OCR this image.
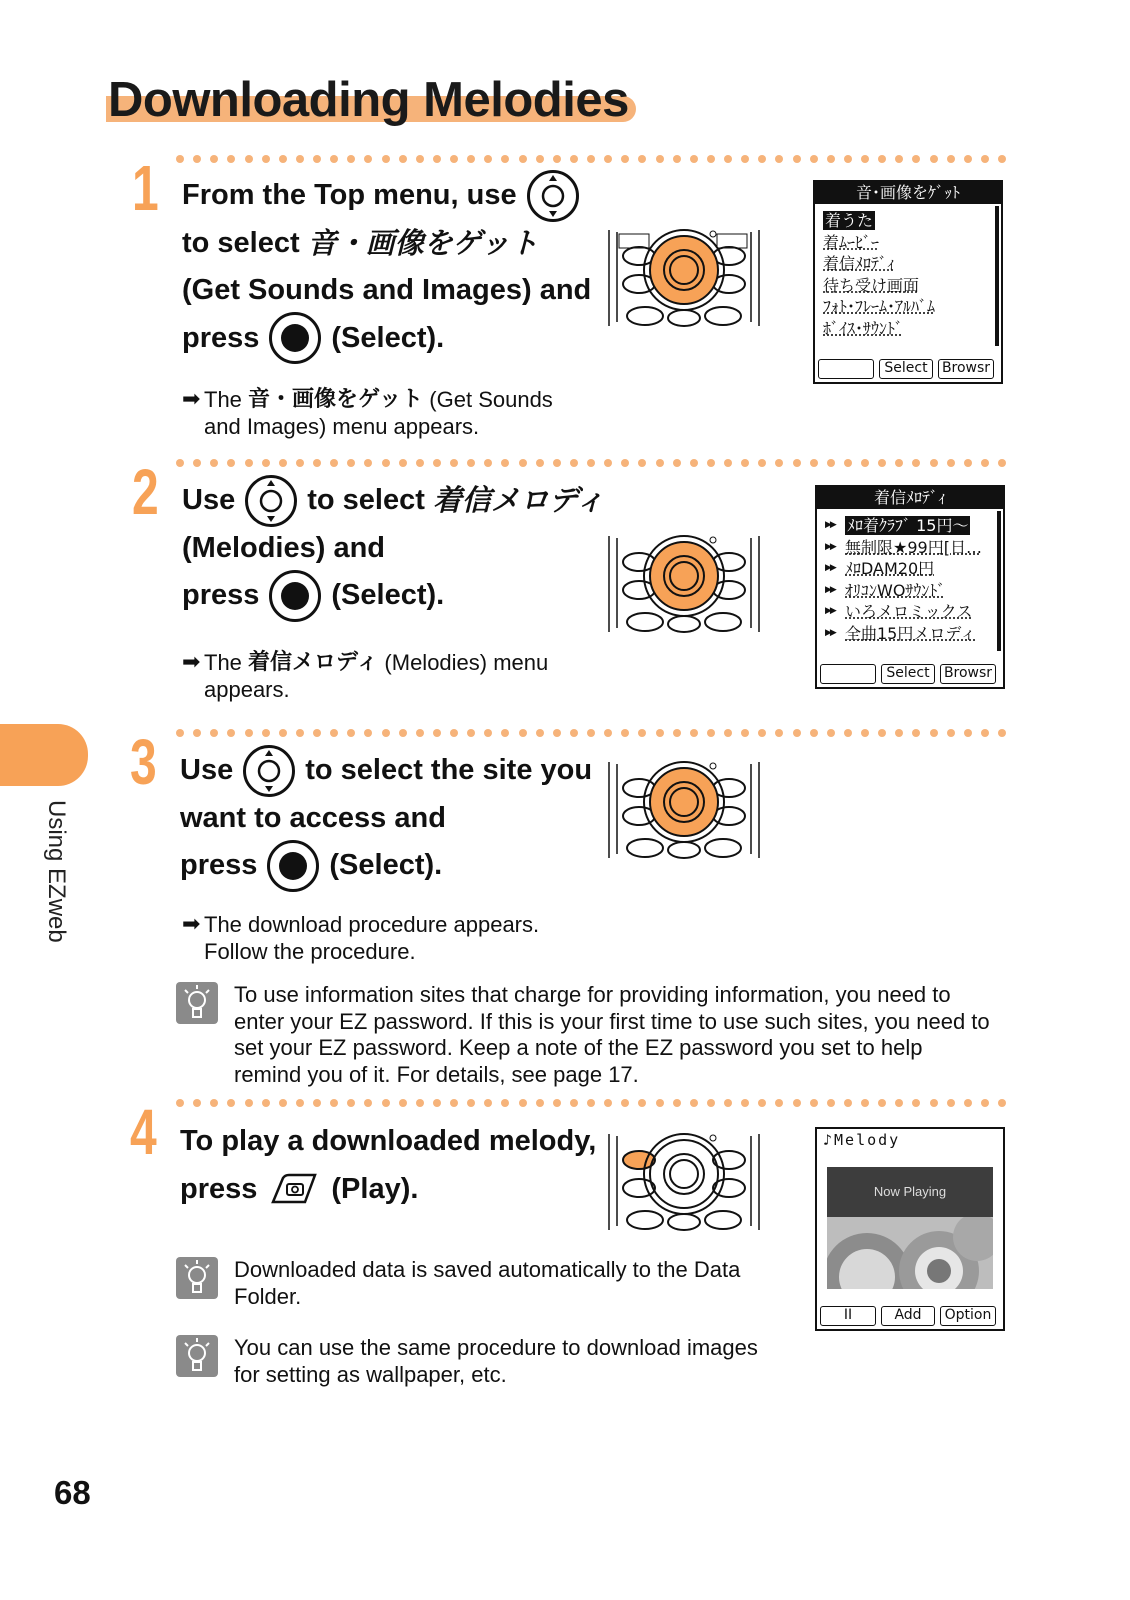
Downloading Melodies
Using EZweb
1 From the Top menu, use
to select 音・画像をゲット
(Get Sounds and Images) and
press (Select).
➡ The
音・画像をゲット
(Get Sounds
and Images) menu appears.
2 Use to select 着信メロディ
(Melodies) and
press (Select).
➡ The
着信メロディ
(Melodies) menu
appears.
3 Use to select the site you
want to access and
press (Select).
➡ The download procedure appears.
Follow the procedure.
To use information sites that charge for providing information, you need to
enter your EZ password. If this is your first time to use such sites, you need to
set your EZ password. Keep a note of the EZ password you set to help
remind you of it. For details, see page 17.
4 To play a downloaded melody,
press	(Play).
Downloaded data is saved automatically to the Data
Folder.
You can use the same procedure to download images
for setting as wallpaper, etc.
音･画像をｹﾞｯﾄ
着うた
着ﾑｰﾋﾞｰ
着信ﾒﾛﾃﾞｨ
待ち受け画面
ﾌｫﾄ･ﾌﾚｰﾑ･ｱﾙﾊﾞﾑ
ﾎﾞｲｽ･ｻｳﾝﾄﾞ
Select	Browsr
着信ﾒﾛﾃﾞｨ
▶▶ ﾒﾛ着ｸﾗﾌﾞ 15円〜
▶▶ 無制限★99円[日…
▶▶ ﾒﾛDAM20円
▶▶ ｵﾘｺﾝWOｻｳﾝﾄﾞ
▶▶ いろメロミックス
▶▶ 全曲15円メロディ
Select	Browsr
♪Melody
Now Playing
II	Add	Option
68
